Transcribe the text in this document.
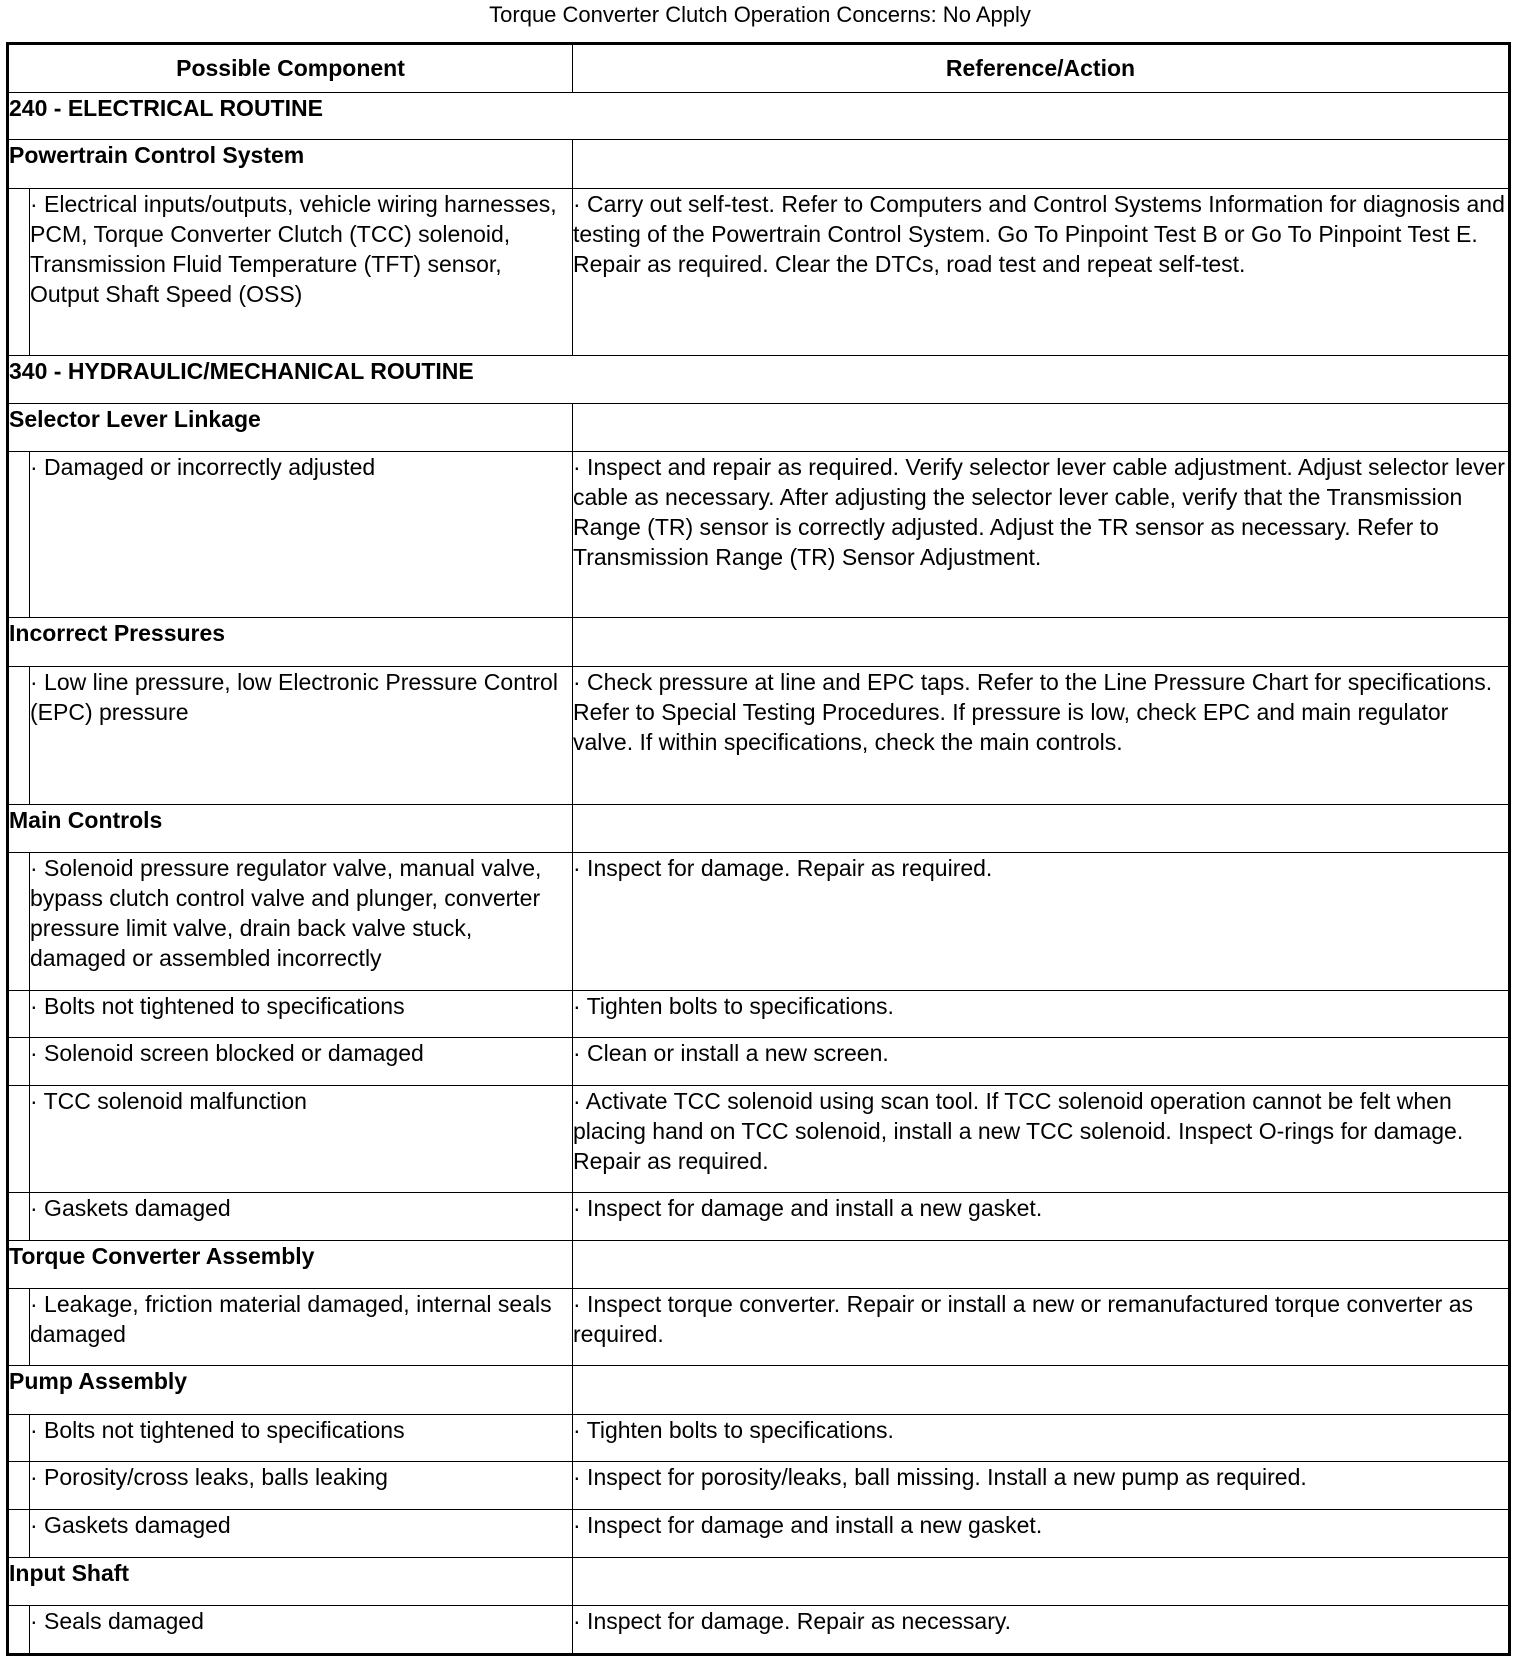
Torque Converter Clutch Operation Concerns: No Apply
Possible Component		Reference/Action
240 - ELECTRICAL ROUTINE		
Powertrain Control System		
	· Electrical inputs/outputs, vehicle wiring harnesses, PCM, Torque Converter Clutch (TCC) solenoid, Transmission Fluid Temperature (TFT) sensor, Output Shaft Speed (OSS)	· Carry out self-test. Refer to Computers and Control Systems Information for diagnosis and testing of the Powertrain Control System. Go To Pinpoint Test B or Go To Pinpoint Test E. Repair as required. Clear the DTCs, road test and repeat self-test.
340 - HYDRAULIC/MECHANICAL ROUTINE		
Selector Lever Linkage		
	· Damaged or incorrectly adjusted	· Inspect and repair as required. Verify selector lever cable adjustment. Adjust selector lever cable as necessary. After adjusting the selector lever cable, verify that the Transmission Range (TR) sensor is correctly adjusted. Adjust the TR sensor as necessary. Refer to Transmission Range (TR) Sensor Adjustment.
Incorrect Pressures		
	· Low line pressure, low Electronic Pressure Control (EPC) pressure	· Check pressure at line and EPC taps. Refer to the Line Pressure Chart for specifications. Refer to Special Testing Procedures. If pressure is low, check EPC and main regulator valve. If within specifications, check the main controls.
Main Controls		
	· Solenoid pressure regulator valve, manual valve, bypass clutch control valve and plunger, converter pressure limit valve, drain back valve stuck, damaged or assembled incorrectly	· Inspect for damage. Repair as required.
	· Bolts not tightened to specifications	· Tighten bolts to specifications.
	· Solenoid screen blocked or damaged	· Clean or install a new screen.
	· TCC solenoid malfunction	· Activate TCC solenoid using scan tool. If TCC solenoid operation cannot be felt when placing hand on TCC solenoid, install a new TCC solenoid. Inspect O-rings for damage. Repair as required.
	· Gaskets damaged	· Inspect for damage and install a new gasket.
Torque Converter Assembly		
	· Leakage, friction material damaged, internal seals damaged	· Inspect torque converter. Repair or install a new or remanufactured torque converter as required.
Pump Assembly		
	· Bolts not tightened to specifications	· Tighten bolts to specifications.
	· Porosity/cross leaks, balls leaking	· Inspect for porosity/leaks, ball missing. Install a new pump as required.
	· Gaskets damaged	· Inspect for damage and install a new gasket.
Input Shaft		
	· Seals damaged	· Inspect for damage. Repair as necessary.
